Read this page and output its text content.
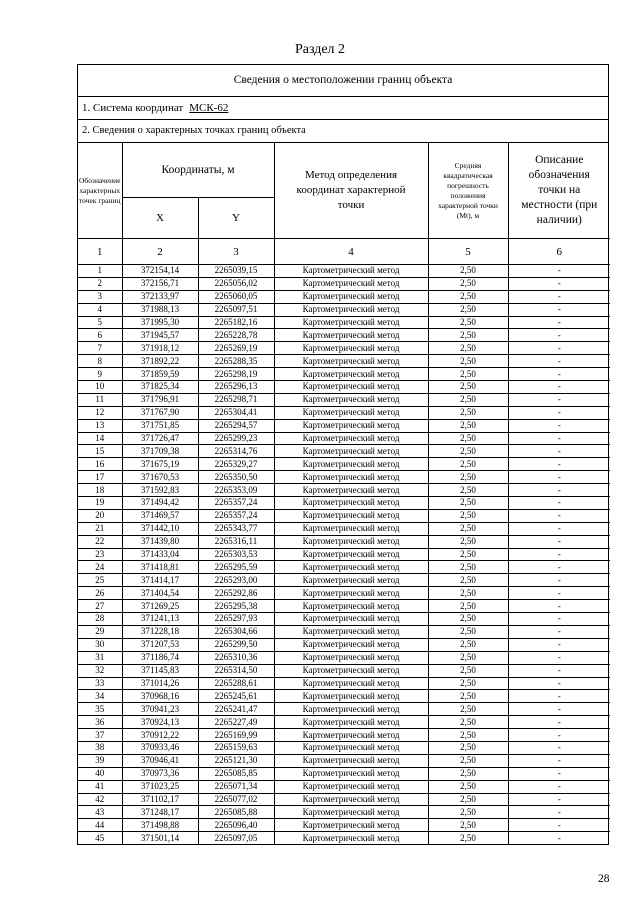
Раздел 2
Сведения о местоположении границ объекта
1. Система координат МСК-62
2. Сведения о характерных точках границ объекта
Обозначение характерных точек границ	Координаты, м		Метод определения координат характерной точки	Средняя квадратическая погрешность положения характерной точки (Mt), м	Описание обозначения точки на местности (при наличии)
	X	Y			
1	2	3	4	5	6
1	372154,14	2265039,15	Картометрический метод	2,50	-
2	372156,71	2265056,02	Картометрический метод	2,50	-
3	372133,97	2265060,05	Картометрический метод	2,50	-
4	371988,13	2265097,51	Картометрический метод	2,50	-
5	371995,30	2265182,16	Картометрический метод	2,50	-
6	371945,57	2265228,78	Картометрический метод	2,50	-
7	371918,12	2265269,19	Картометрический метод	2,50	-
8	371892,22	2265288,35	Картометрический метод	2,50	-
9	371859,59	2265298,19	Картометрический метод	2,50	-
10	371825,34	2265296,13	Картометрический метод	2,50	-
11	371796,91	2265298,71	Картометрический метод	2,50	-
12	371767,90	2265304,41	Картометрический метод	2,50	-
13	371751,85	2265294,57	Картометрический метод	2,50	-
14	371726,47	2265299,23	Картометрический метод	2,50	-
15	371709,38	2265314,76	Картометрический метод	2,50	-
16	371675,19	2265329,27	Картометрический метод	2,50	-
17	371670,53	2265350,50	Картометрический метод	2,50	-
18	371592,83	2265353,09	Картометрический метод	2,50	-
19	371494,42	2265357,24	Картометрический метод	2,50	-
20	371469,57	2265357,24	Картометрический метод	2,50	-
21	371442,10	2265343,77	Картометрический метод	2,50	-
22	371439,80	2265316,11	Картометрический метод	2,50	-
23	371433,04	2265303,53	Картометрический метод	2,50	-
24	371418,81	2265295,59	Картометрический метод	2,50	-
25	371414,17	2265293,00	Картометрический метод	2,50	-
26	371404,54	2265292,86	Картометрический метод	2,50	-
27	371269,25	2265295,38	Картометрический метод	2,50	-
28	371241,13	2265297,93	Картометрический метод	2,50	-
29	371228,18	2265304,66	Картометрический метод	2,50	-
30	371207,53	2265299,50	Картометрический метод	2,50	-
31	371186,74	2265310,36	Картометрический метод	2,50	-
32	371145,83	2265314,50	Картометрический метод	2,50	-
33	371014,26	2265288,61	Картометрический метод	2,50	-
34	370968,16	2265245,61	Картометрический метод	2,50	-
35	370941,23	2265241,47	Картометрический метод	2,50	-
36	370924,13	2265227,49	Картометрический метод	2,50	-
37	370912,22	2265169,99	Картометрический метод	2,50	-
38	370933,46	2265159,63	Картометрический метод	2,50	-
39	370946,41	2265121,30	Картометрический метод	2,50	-
40	370973,36	2265085,85	Картометрический метод	2,50	-
41	371023,25	2265071,34	Картометрический метод	2,50	-
42	371102,17	2265077,02	Картометрический метод	2,50	-
43	371248,17	2265085,88	Картометрический метод	2,50	-
44	371498,88	2265096,40	Картометрический метод	2,50	-
45	371501,14	2265097,05	Картометрический метод	2,50	-
28
